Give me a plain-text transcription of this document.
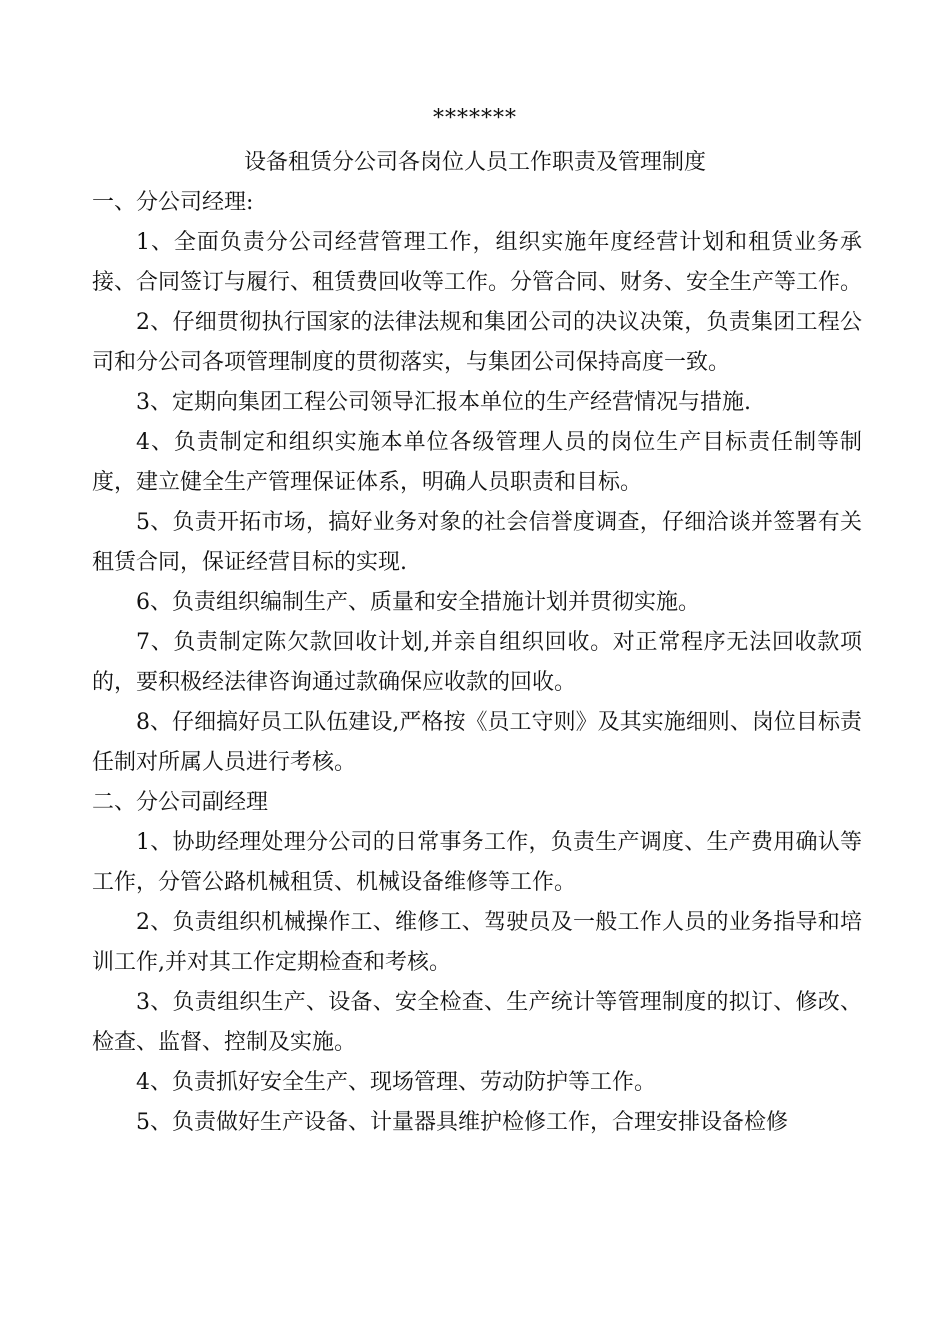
*******
设备租赁分公司各岗位人员工作职责及管理制度

一、分公司经理:

1、全面负责分公司经营管理工作，组织实施年度经营计划和租赁业务承接、合同签订与履行、租赁费回收等工作。分管合同、财务、安全生产等工作。

2、仔细贯彻执行国家的法律法规和集团公司的决议决策，负责集团工程公司和分公司各项管理制度的贯彻落实，与集团公司保持高度一致。

3、定期向集团工程公司领导汇报本单位的生产经营情况与措施.

4、负责制定和组织实施本单位各级管理人员的岗位生产目标责任制等制度，建立健全生产管理保证体系，明确人员职责和目标。

5、负责开拓市场，搞好业务对象的社会信誉度调查，仔细洽谈并签署有关租赁合同，保证经营目标的实现.

6、负责组织编制生产、质量和安全措施计划并贯彻实施。

7、负责制定陈欠款回收计划,并亲自组织回收。对正常程序无法回收款项的，要积极经法律咨询通过款确保应收款的回收。

8、仔细搞好员工队伍建设,严格按《员工守则》及其实施细则、岗位目标责任制对所属人员进行考核。

二、分公司副经理

1、协助经理处理分公司的日常事务工作，负责生产调度、生产费用确认等工作，分管公路机械租赁、机械设备维修等工作。

2、负责组织机械操作工、维修工、驾驶员及一般工作人员的业务指导和培训工作,并对其工作定期检查和考核。

3、负责组织生产、设备、安全检查、生产统计等管理制度的拟订、修改、检查、监督、控制及实施。

4、负责抓好安全生产、现场管理、劳动防护等工作。

5、负责做好生产设备、计量器具维护检修工作，合理安排设备检修
